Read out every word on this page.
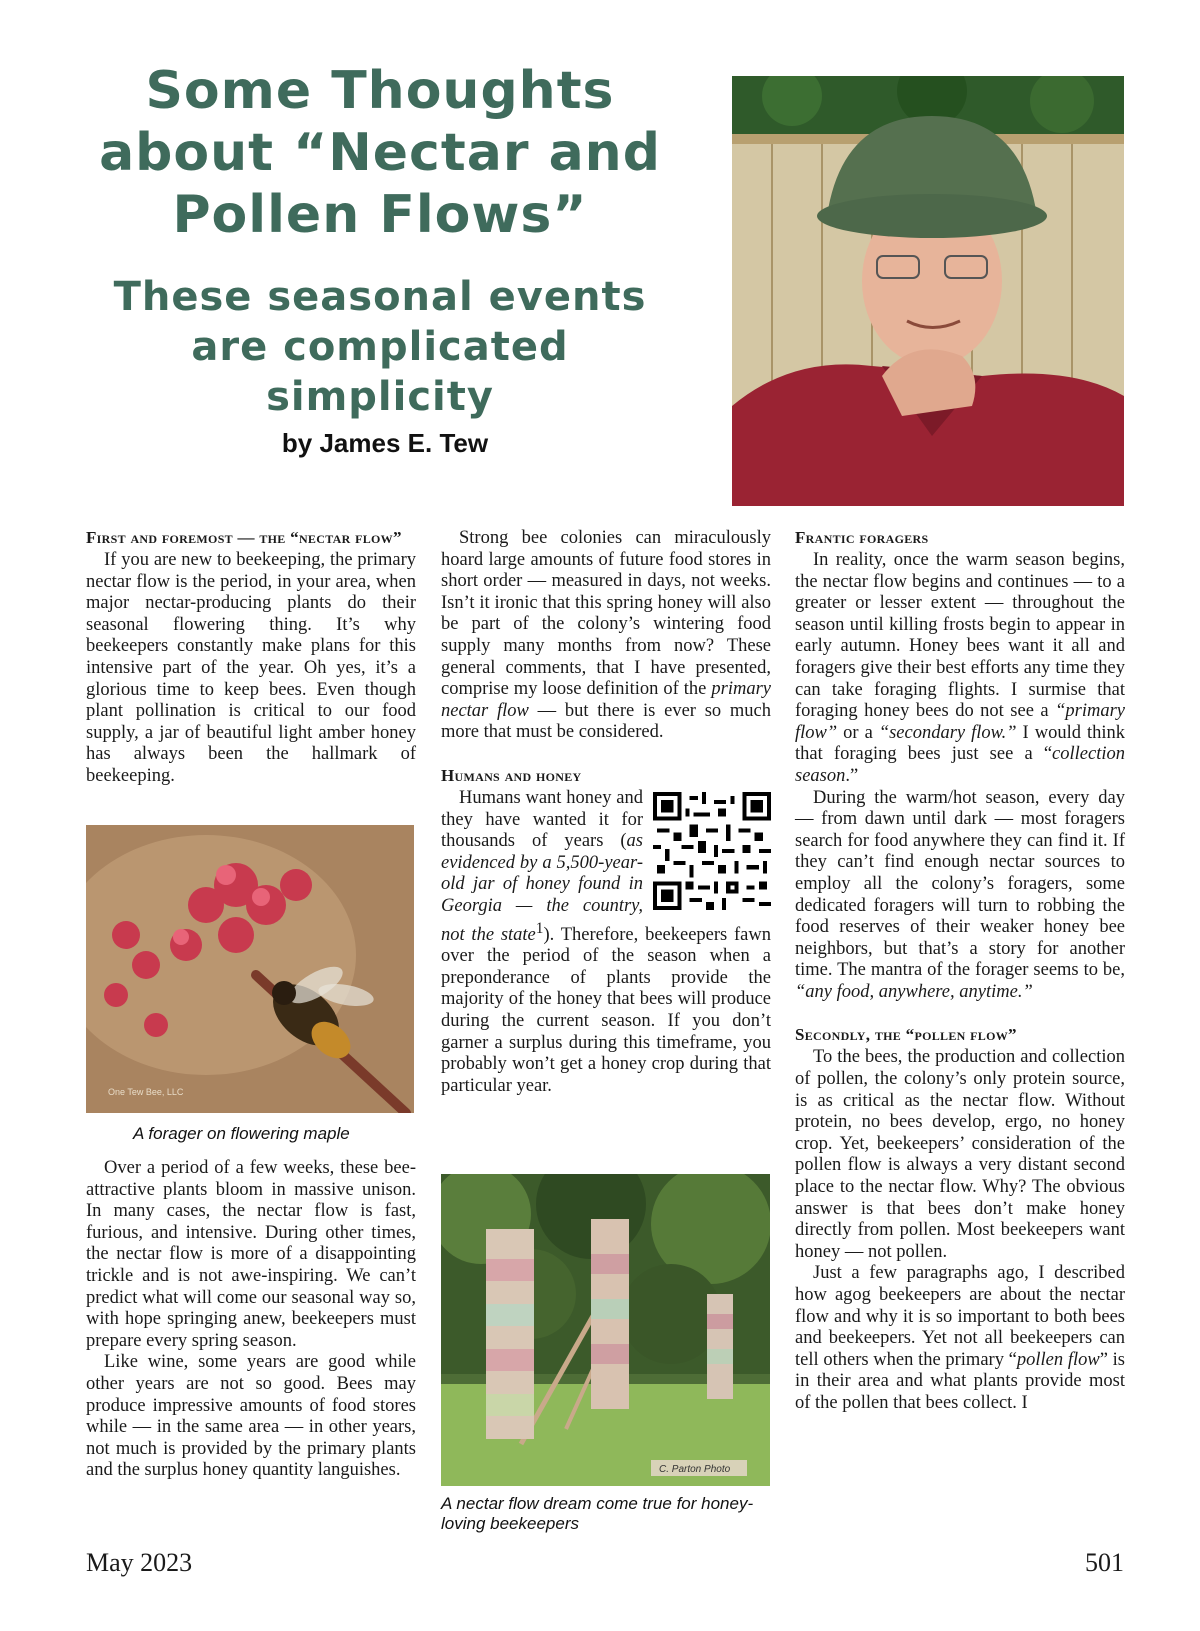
Some Thoughts about “Nectar and Pollen Flows”
These seasonal events are complicated simplicity
by James E. Tew
First and foremost — the “nectar flow”

If you are new to beekeeping, the primary nectar flow is the period, in your area, when major nectar-producing plants do their seasonal flowering thing. It’s why beekeepers constantly make plans for this intensive part of the year. Oh yes, it’s a glorious time to keep bees. Even though plant pollination is critical to our food supply, a jar of beautiful light amber honey has always been the hallmark of beekeeping.

One Tew Bee, LLC
A forager on flowering maple

Over a period of a few weeks, these bee-attractive plants bloom in massive unison. In many cases, the nectar flow is fast, furious, and intensive. During other times, the nectar flow is more of a disappointing trickle and is not awe-inspiring. We can’t predict what will come our seasonal way so, with hope springing anew, beekeepers must prepare every spring season.

Like wine, some years are good while other years are not so good. Bees may produce impressive amounts of food stores while — in the same area — in other years, not much is provided by the primary plants and the surplus honey quantity languishes.

Strong bee colonies can miraculously hoard large amounts of future food stores in short order — measured in days, not weeks. Isn’t it ironic that this spring honey will also be part of the colony’s wintering food supply many months from now? These general comments, that I have presented, comprise my loose definition of the primary nectar flow — but there is ever so much more that must be considered.

Humans and honey

Humans want honey and they have wanted it for thousands of years (as evidenced by a 5,500-year-old jar of honey found in Georgia — the country, not the state$^1$). Therefore, beekeepers fawn over the period of the season when a preponderance of plants provide the majority of the honey that bees will produce during the current season. If you don’t garner a surplus during this timeframe, you probably won’t get a honey crop during that particular year.

C. Parton Photo
A nectar flow dream come true for honey-loving beekeepers
Frantic foragers

In reality, once the warm season begins, the nectar flow begins and continues — to a greater or lesser extent — throughout the season until killing frosts begin to appear in early autumn. Honey bees want it all and foragers give their best efforts any time they can take foraging flights. I surmise that foraging honey bees do not see a “primary flow” or a “secondary flow.” I would think that foraging bees just see a “collection season.”

During the warm/hot season, every day — from dawn until dark — most foragers search for food anywhere they can find it. If they can’t find enough nectar sources to employ all the colony’s foragers, some dedicated foragers will turn to robbing the food reserves of their weaker honey bee neighbors, but that’s a story for another time. The mantra of the forager seems to be, “any food, anywhere, anytime.”

Secondly, the “pollen flow”

To the bees, the production and collection of pollen, the colony’s only protein source, is as critical as the nectar flow. Without protein, no bees develop, ergo, no honey crop. Yet, beekeepers’ consideration of the pollen flow is always a very distant second place to the nectar flow. Why? The obvious answer is that bees don’t make honey directly from pollen. Most beekeepers want honey — not pollen.

Just a few paragraphs ago, I described how agog beekeepers are about the nectar flow and why it is so important to both bees and beekeepers. Yet not all beekeepers can tell others when the primary “pollen flow” is in their area and what plants provide most of the pollen that bees collect. I

May 2023	501
